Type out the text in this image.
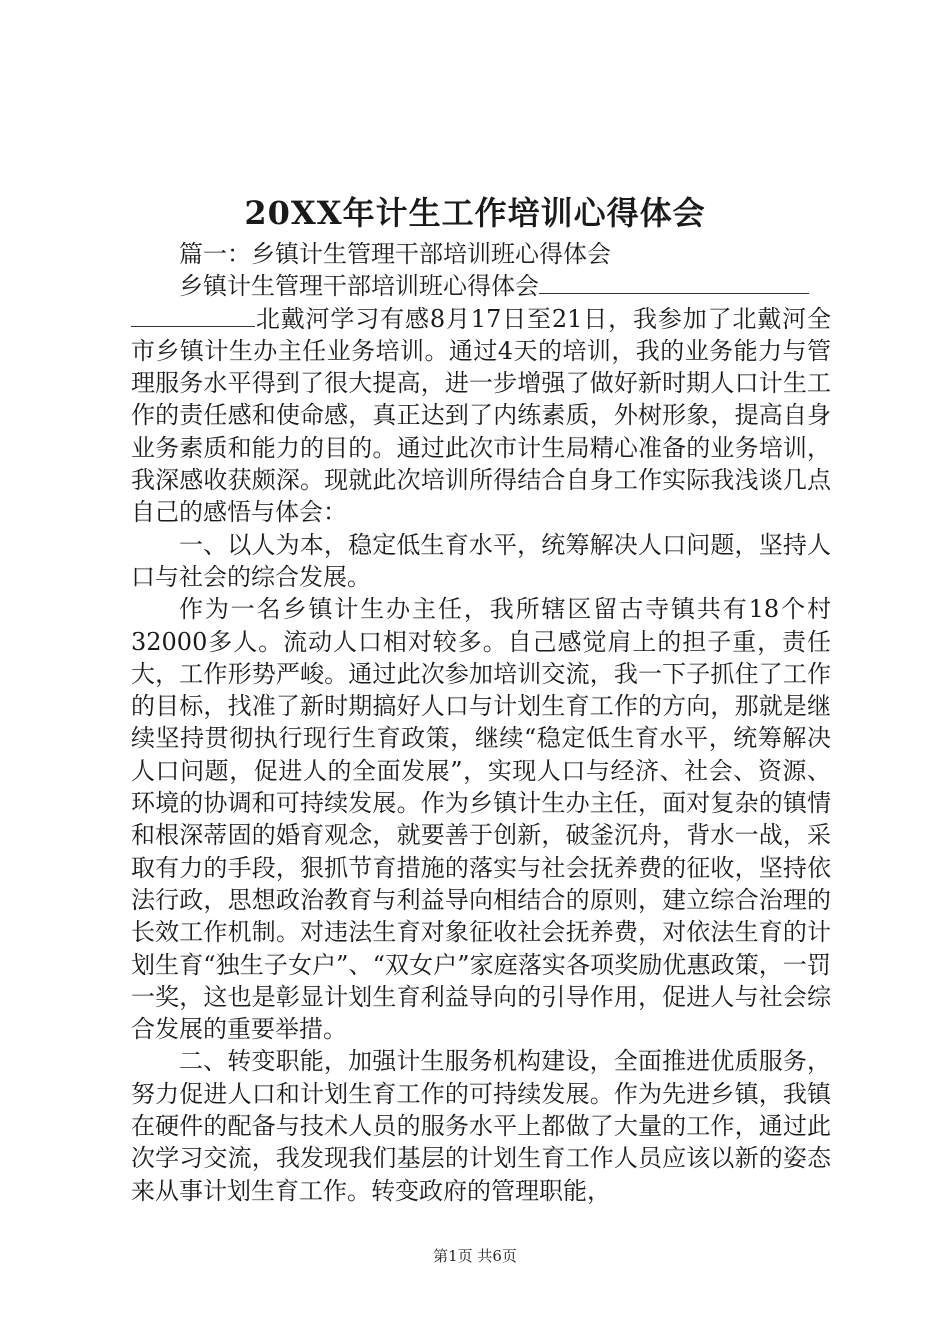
20XX年计生工作培训心得体会

篇一：乡镇计生管理干部培训班心得体会

乡镇计生管理干部培训班心得体会

北戴河学习有感8月17日至21日，我参加了北戴河全市乡镇计生办主任业务培训。通过4天的培训，我的业务能力与管理服务水平得到了很大提高，进一步增强了做好新时期人口计生工作的责任感和使命感，真正达到了内练素质，外树形象，提高自身业务素质和能力的目的。通过此次市计生局精心准备的业务培训，我深感收获颇深。现就此次培训所得结合自身工作实际我浅谈几点自己的感悟与体会：

一、以人为本，稳定低生育水平，统筹解决人口问题，坚持人口与社会的综合发展。

作为一名乡镇计生办主任，我所辖区留古寺镇共有18个村32000多人。流动人口相对较多。自己感觉肩上的担子重，责任大，工作形势严峻。通过此次参加培训交流，我一下子抓住了工作的目标，找准了新时期搞好人口与计划生育工作的方向，那就是继续坚持贯彻执行现行生育政策，继续“稳定低生育水平，统筹解决人口问题，促进人的全面发展”，实现人口与经济、社会、资源、环境的协调和可持续发展。作为乡镇计生办主任，面对复杂的镇情和根深蒂固的婚育观念，就要善于创新，破釜沉舟，背水一战，采取有力的手段，狠抓节育措施的落实与社会抚养费的征收，坚持依法行政，思想政治教育与利益导向相结合的原则，建立综合治理的长效工作机制。对违法生育对象征收社会抚养费，对依法生育的计划生育“独生子女户”、“双女户”家庭落实各项奖励优惠政策，一罚一奖，这也是彰显计划生育利益导向的引导作用，促进人与社会综合发展的重要举措。

二、转变职能，加强计生服务机构建设，全面推进优质服务，努力促进人口和计划生育工作的可持续发展。作为先进乡镇，我镇在硬件的配备与技术人员的服务水平上都做了大量的工作，通过此次学习交流，我发现我们基层的计划生育工作人员应该以新的姿态来从事计划生育工作。转变政府的管理职能，

第1页 共6页
